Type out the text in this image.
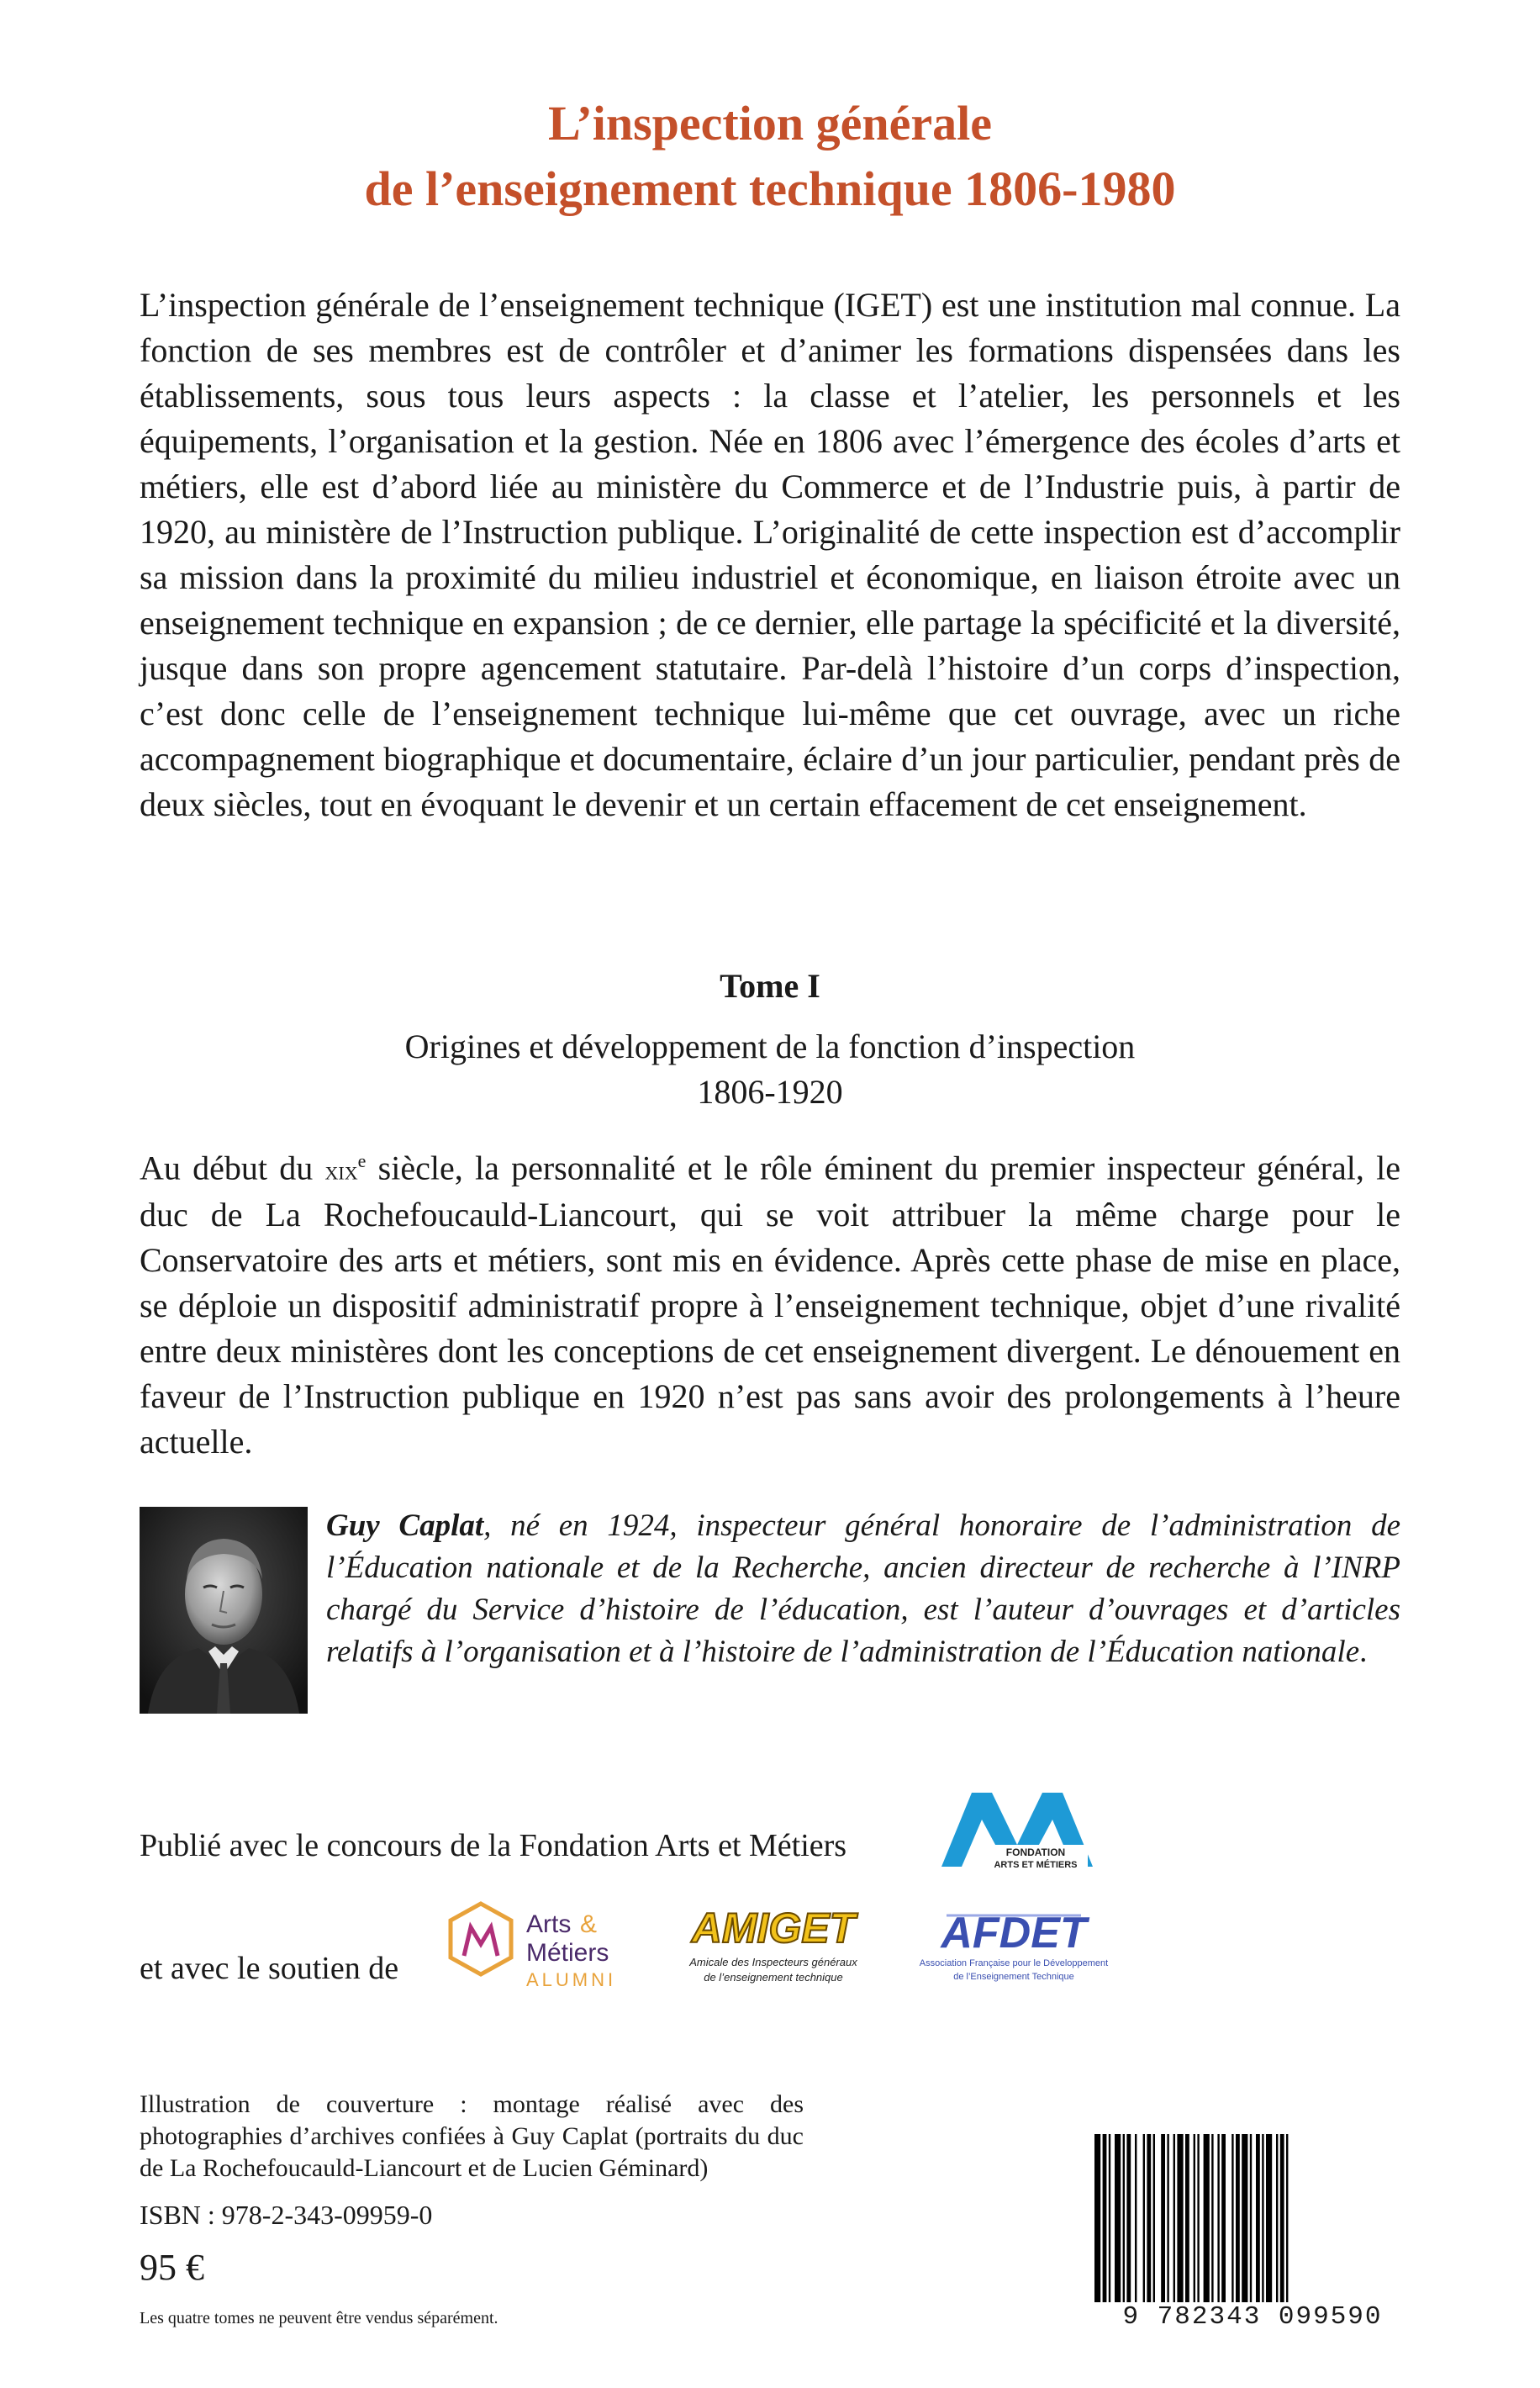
L’inspection générale
de l’enseignement technique 1806-1980
L’inspection générale de l’enseignement technique (IGET) est une institution mal connue. La fonction de ses membres est de contrôler et d’animer les formations dispensées dans les établissements, sous tous leurs aspects : la classe et l’atelier, les personnels et les équipements, l’organisation et la gestion. Née en 1806 avec l’émergence des écoles d’arts et métiers, elle est d’abord liée au ministère du Commerce et de l’Industrie puis, à partir de 1920, au ministère de l’Instruction publique. L’originalité de cette inspection est d’accomplir sa mission dans la proximité du milieu industriel et économique, en liaison étroite avec un enseignement technique en expansion ; de ce dernier, elle partage la spécificité et la diversité, jusque dans son propre agencement statutaire. Par-delà l’histoire d’un corps d’inspection, c’est donc celle de l’enseignement technique lui-même que cet ouvrage, avec un riche accompagnement biographique et documentaire, éclaire d’un jour particulier, pendant près de deux siècles, tout en évoquant le devenir et un certain effacement de cet enseignement.
Tome I
Origines et développement de la fonction d’inspection
1806-1920
Au début du xix$^e$ siècle, la personnalité et le rôle éminent du premier inspecteur général, le duc de La Rochefoucauld-Liancourt, qui se voit attribuer la même charge pour le Conservatoire des arts et métiers, sont mis en évidence. Après cette phase de mise en place, se déploie un dispositif administratif propre à l’enseignement technique, objet d’une rivalité entre deux ministères dont les conceptions de cet enseignement divergent. Le dénouement en faveur de l’Instruction publique en 1920 n’est pas sans avoir des prolongements à l’heure actuelle.
Guy Caplat, né en 1924, inspecteur général honoraire de l’administration de l’Éducation nationale et de la Recherche, ancien directeur de recherche à l’INRP chargé du Service d’histoire de l’éducation, est l’auteur d’ouvrages et d’articles relatifs à l’organisation et à l’histoire de l’administration de l’Éducation nationale.
Publié avec le concours de la Fondation Arts et Métiers	FONDATION
ARTS ET MÉTIERS
et avec le soutien de
Arts &
Métiers
ALUMNI
AMIGET
Amicale des Inspecteurs généraux
de l’enseignement technique
AFDET
Association Française pour le Développement
de l’Enseignement Technique
Illustration de couverture : montage réalisé avec des photographies d’archives confiées à Guy Caplat (portraits du duc de La Rochefoucauld-Liancourt et de Lucien Géminard)
ISBN : 978-2-343-09959-0
95 €
Les quatre tomes ne peuvent être vendus séparément.	9 782343 099590
